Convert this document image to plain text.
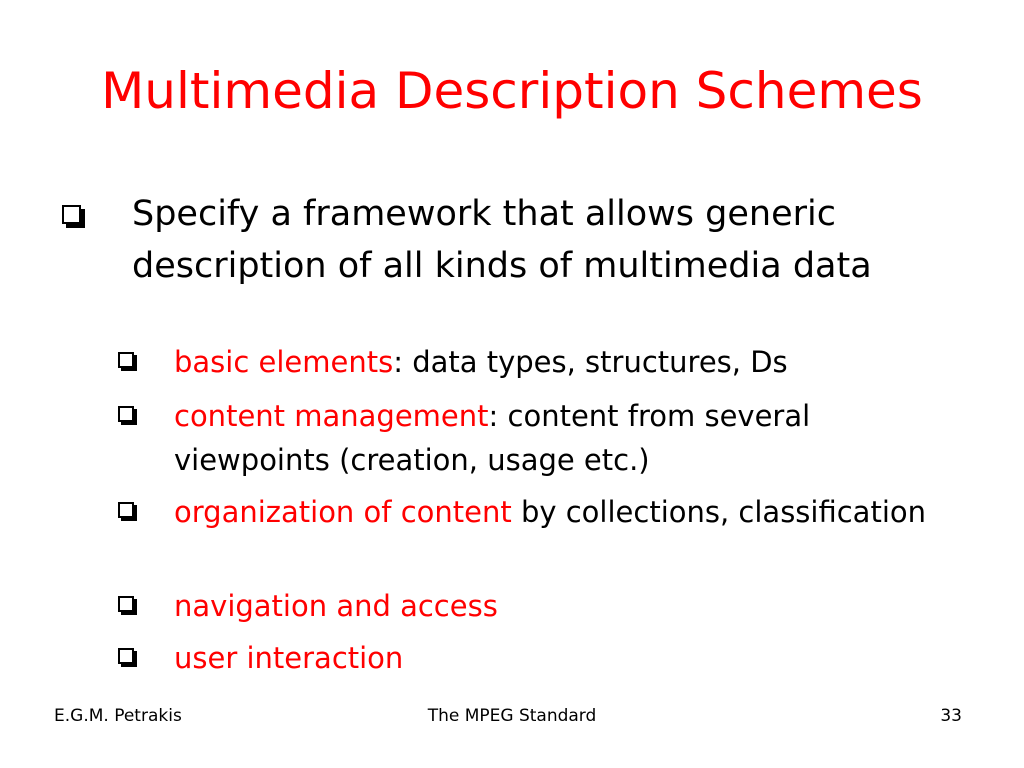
Multimedia Description Schemes
Specify a framework that allows generic description of all kinds of multimedia data
basic elements: data types, structures, Ds
content management: content from several viewpoints (creation, usage etc.)
organization of content by collections, classification
navigation and access
user interaction
E.G.M. Petrakis	The MPEG Standard	33
